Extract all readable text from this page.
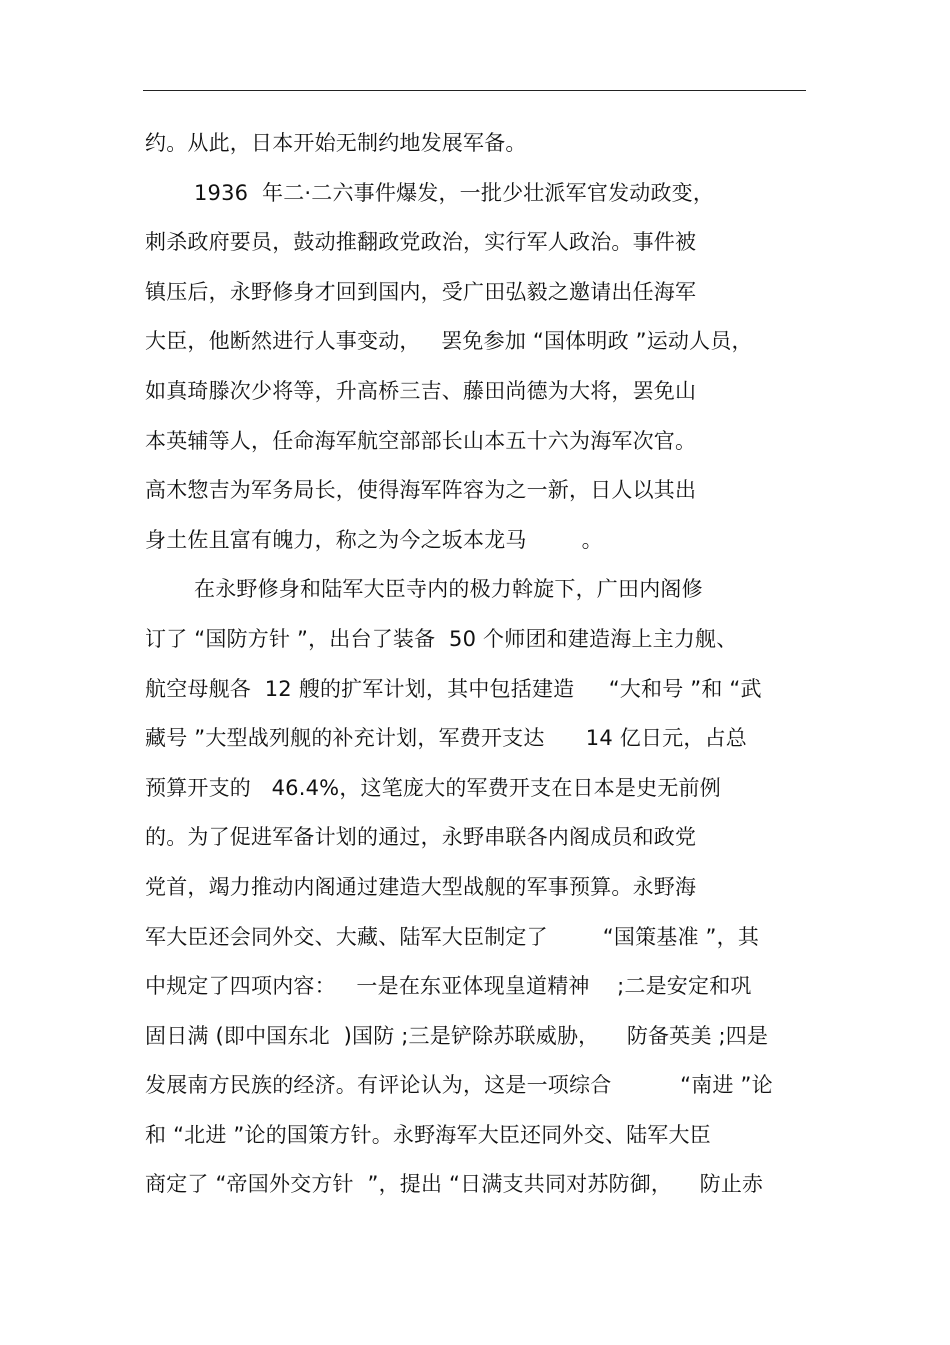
约。从此，日本开始无制约地发展军备。
1936  年二·二六事件爆发，一批少壮派军官发动政变，
刺杀政府要员，鼓动推翻政党政治，实行军人政治。事件被
镇压后，永野修身才回到国内，受广田弘毅之邀请出任海军
大臣，他断然进行人事变动，   罢免参加 “国体明政 ”运动人员，
如真琦滕次少将等，升高桥三吉、藤田尚德为大将，罢免山
本英辅等人，任命海军航空部部长山本五十六为海军次官。
高木惣吉为军务局长，使得海军阵容为之一新，日人以其出
身土佐且富有魄力，称之为今之坂本龙马        。
在永野修身和陆军大臣寺内的极力斡旋下，广田内阁修
订了 “国防方针 ”，出台了装备  50 个师团和建造海上主力舰、
航空母舰各  12 艘的扩军计划，其中包括建造     “大和号 ”和 “武
藏号 ”大型战列舰的补充计划，军费开支达      14 亿日元，占总
预算开支的   46.4%，这笔庞大的军费开支在日本是史无前例
的。为了促进军备计划的通过，永野串联各内阁成员和政党
党首，竭力推动内阁通过建造大型战舰的军事预算。永野海
军大臣还会同外交、大藏、陆军大臣制定了        “国策基准 ”，其
中规定了四项内容：   一是在东亚体现皇道精神    ;二是安定和巩
固日满 (即中国东北  )国防 ;三是铲除苏联威胁，    防备英美 ;四是
发展南方民族的经济。有评论认为，这是一项综合          “南进 ”论
和 “北进 ”论的国策方针。永野海军大臣还同外交、陆军大臣
商定了 “帝国外交方针  ”，提出 “日满支共同对苏防御，    防止赤
